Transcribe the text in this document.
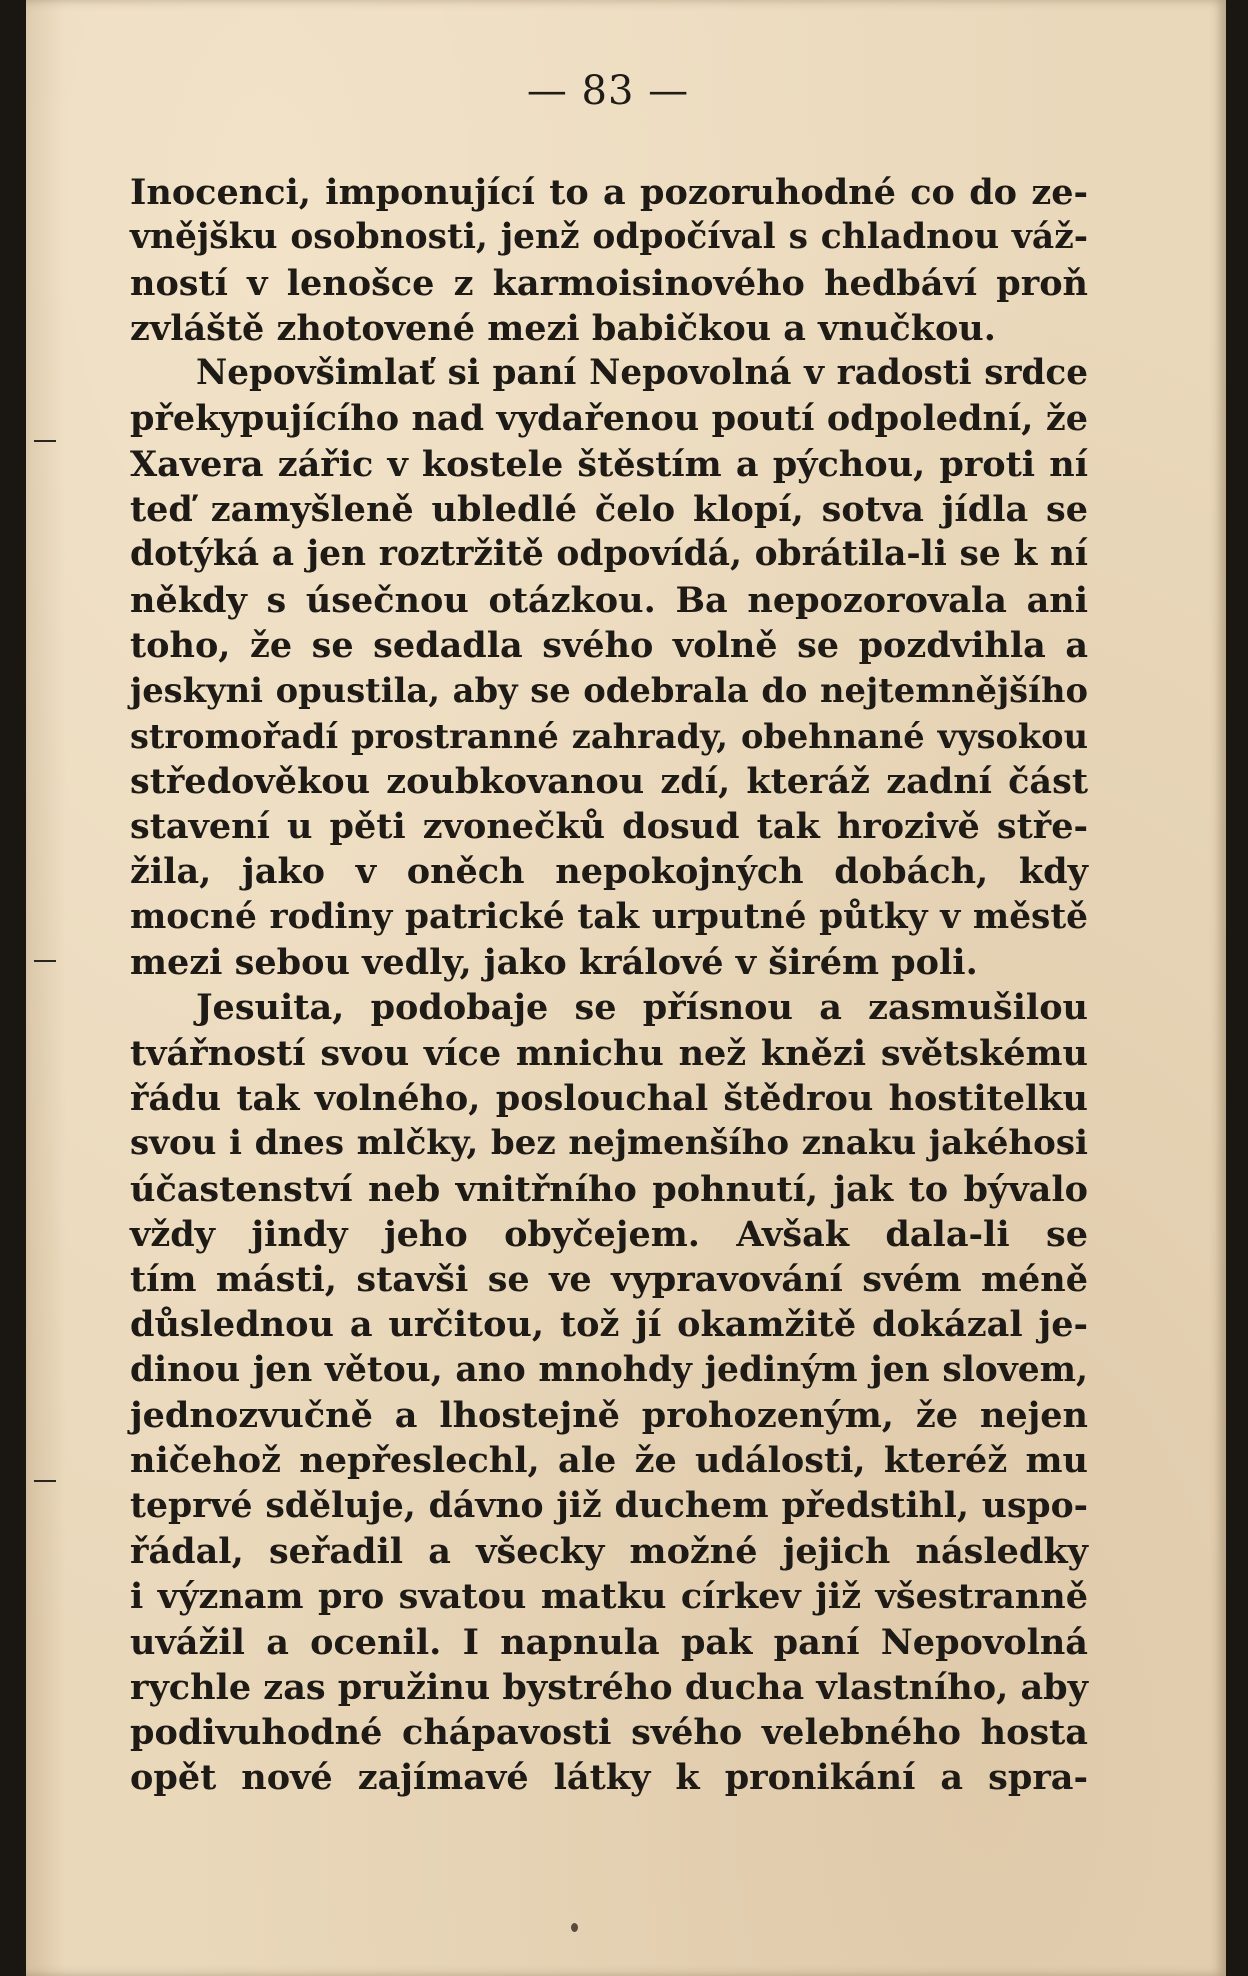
— 83 —
Inocenci, imponující to a pozoruhodné co do ze-
vnějšku osobnosti, jenž odpočíval s chladnou váž-
ností v lenošce z karmoisinového hedbáví proň
zvláště zhotovené mezi babičkou a vnučkou.
Nepovšimlať si paní Nepovolná v radosti srdce
překypujícího nad vydařenou poutí odpolední, že
Xavera zářic v kostele štěstím a pýchou, proti ní
teď zamyšleně ubledlé čelo klopí, sotva jídla se
dotýká a jen roztržitě odpovídá, obrátila-li se k ní
někdy s úsečnou otázkou. Ba nepozorovala ani
toho, že se sedadla svého volně se pozdvihla a
jeskyni opustila, aby se odebrala do nejtemnějšího
stromořadí prostranné zahrady, obehnané vysokou
středověkou zoubkovanou zdí, kteráž zadní část
stavení u pěti zvonečků dosud tak hrozivě stře-
žila, jako v oněch nepokojných dobách, kdy
mocné rodiny patrické tak urputné půtky v městě
mezi sebou vedly, jako králové v širém poli.
Jesuita, podobaje se přísnou a zasmušilou
tvářností svou více mnichu než knězi světskému
řádu tak volného, poslouchal štědrou hostitelku
svou i dnes mlčky, bez nejmenšího znaku jakéhosi
účastenství neb vnitřního pohnutí, jak to bývalo
vždy jindy jeho obyčejem. Avšak dala-li se
tím másti, stavši se ve vypravování svém méně
důslednou a určitou, tož jí okamžitě dokázal je-
dinou jen větou, ano mnohdy jediným jen slovem,
jednozvučně a lhostejně prohozeným, že nejen
ničehož nepřeslechl, ale že události, kteréž mu
teprvé sděluje, dávno již duchem předstihl, uspo-
řádal, seřadil a všecky možné jejich následky
i význam pro svatou matku církev již všestranně
uvážil a ocenil. I napnula pak paní Nepovolná
rychle zas pružinu bystrého ducha vlastního, aby
podivuhodné chápavosti svého velebného hosta
opět nové zajímavé látky k pronikání a spra-
